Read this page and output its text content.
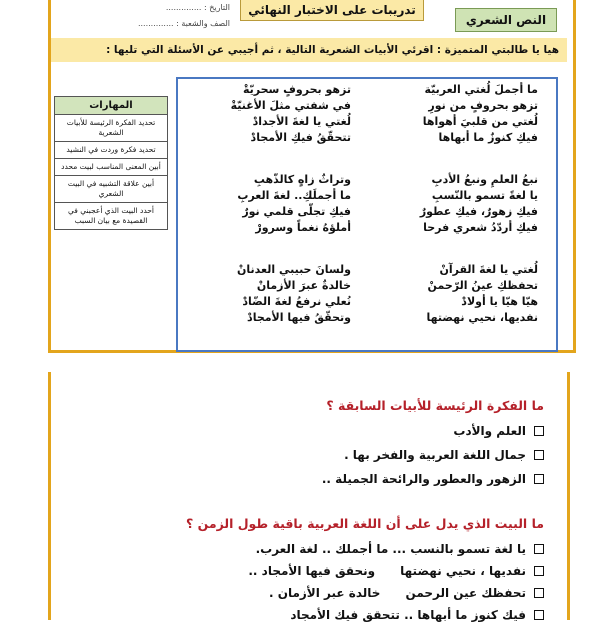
التاريخ : ..............
الصف والشعبة : ..............
تدريبات على الاختبار النهائي
النص الشعري
هيا يا طالبتي المتميزة : اقرئي الأبيات الشعرية التالية ، ثم أجيبي عن الأسئلة التي تليها :
المهارات
تحديد الفكرة الرئيسة للأبيات الشعرية
تحديد فكرة وردت في النشيد
أبين المعنى المناسب لبيت محدد
أبين علاقة التشبيه في البيت الشعري
أحدد البيت الذي أعجبني في القصيدة مع بيان السبب
ما أجملَ لُغتي العربيّة
تزهو بحروفٍ من نورِ
لُغتي من قلبيَ أهواها
فيكِ كنوزٌ ما أبهاها
تزهو بحروفٍ سحريّةْ
في شفتي مثلَ الأغنيّةْ
لُغتي يا لغةَ الأجدادْ
تتحقّقُ فيكِ الأمجادْ
نبعُ العلمِ ونبعُ الأدبِ
يا لغةً تسمو بالنّسبِ
فيكِ زهورٌ، فيكِ عطورٌ
فيكِ أردّدُ شعري فرحا
وتراثٌ زاهٍ كالذّهبِ
ما أجملَكِ.. لغةَ العربِ
فيكِ تجلّى قلمي نورٌ
أملؤهُ نغماً وسرورْ
لُغتي يا لغةَ القرآنْ
تحفظكِ عينُ الرّحمنْ
هيّا هيّا يا أولادْ
نفديها، نحيي نهضتها
ولسانَ حبيبي العدنانْ
خالدةٌ عبرَ الأزمانْ
نُعلي نرفعُ لغةَ الضّادْ
وتحقّقُ فيها الأمجادْ
ما الفكرة الرئيسة للأبيات السابقة ؟
العلم والأدب
جمال اللغة العربية والفخر بها .
الزهور والعطور والرائحة الجميلة ..
ما البيت الذي يدل على أن اللغة العربية باقية طول الزمن ؟
يا لغة تسمو بالنسب ... ما أجملك .. لغة العرب.
نفديها ، نحيي نهضتها      ونحقق فيها الأمجاد ..
تحفظك عين الرحمن      خالدة عبر الأزمان .
فيك كنوز ما أبهاها .. تتحقق فيك الأمجاد
